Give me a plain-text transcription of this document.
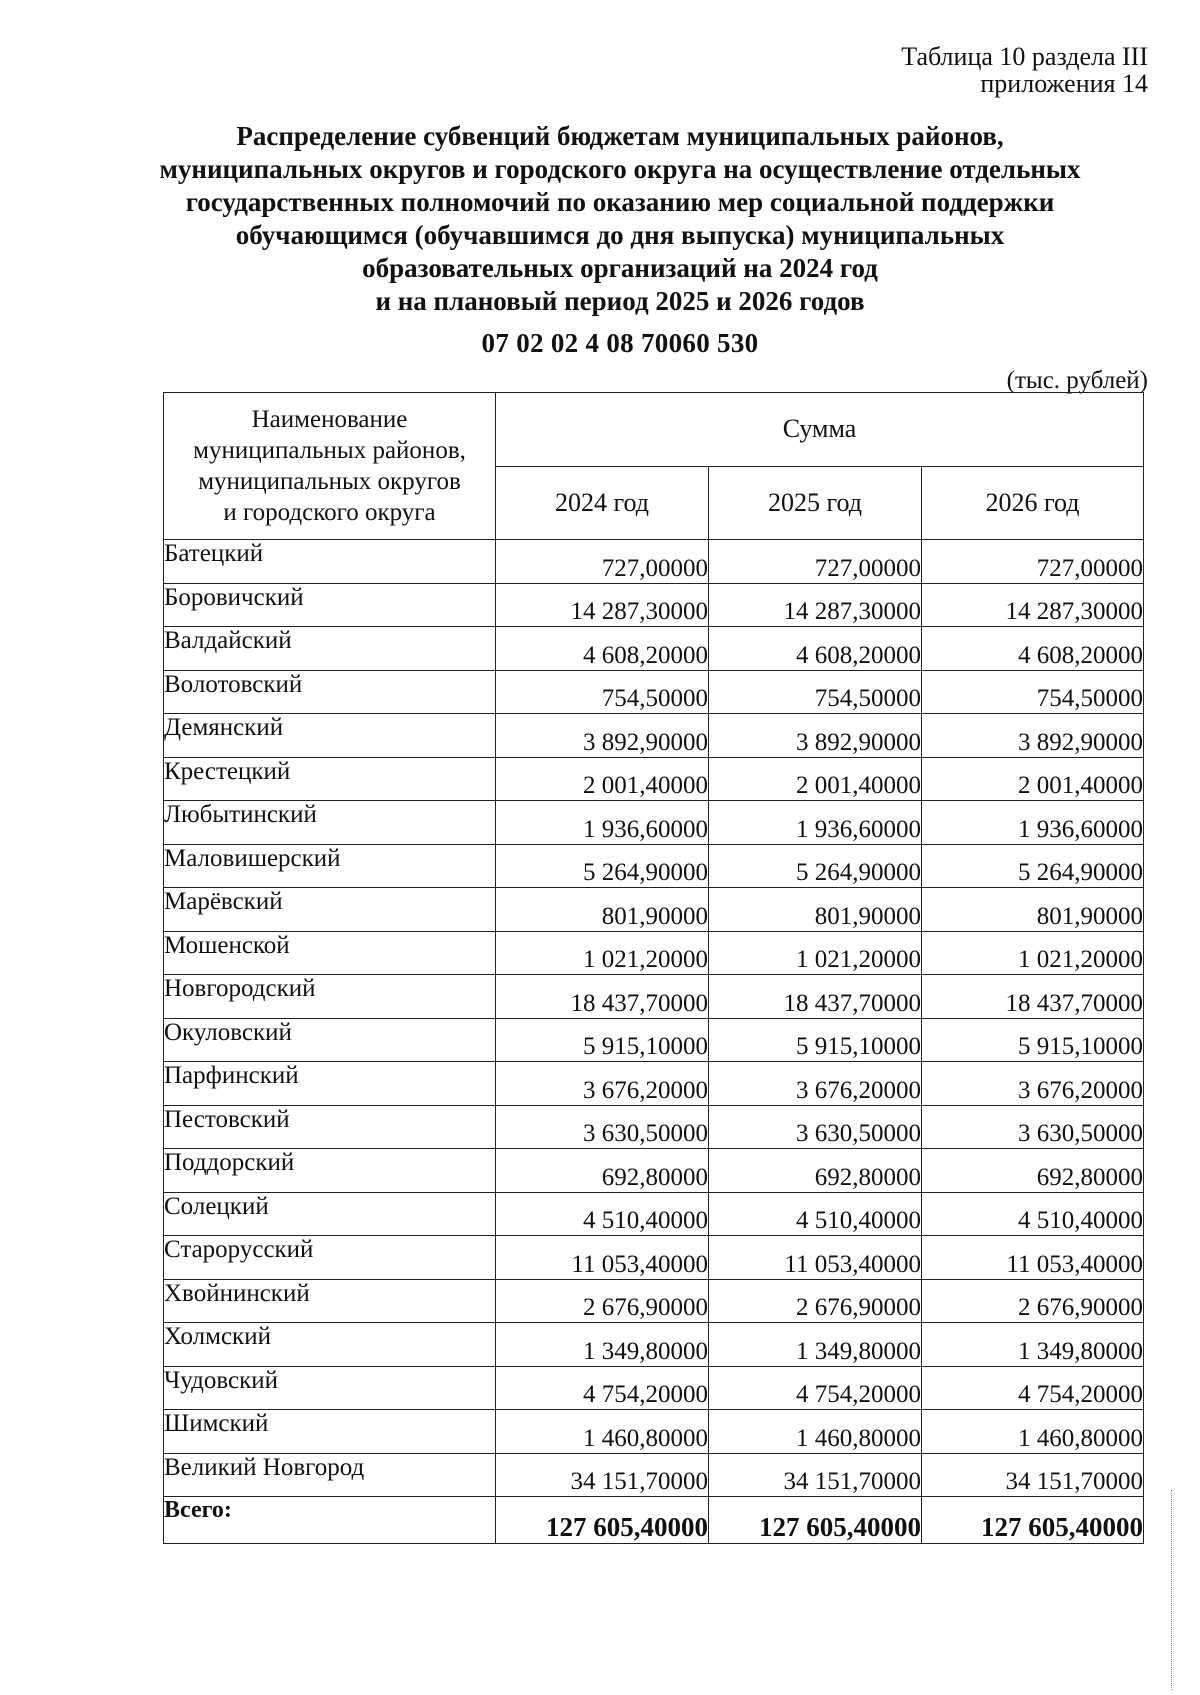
Таблица 10 раздела III
приложения 14
Распределение субвенций бюджетам муниципальных районов,
муниципальных округов и городского округа на осуществление отдельных
государственных полномочий по оказанию мер социальной поддержки
обучающимся (обучавшимся до дня выпуска) муниципальных
образовательных организаций на 2024 год
и на плановый период 2025 и 2026 годов
07 02 02 4 08 70060 530
(тыс. рублей)
Наименование
муниципальных районов,
муниципальных округов
и городского округа	Сумма		
	2024 год	2025 год	2026 год
Батецкий	727,00000	727,00000	727,00000
Боровичский	14 287,30000	14 287,30000	14 287,30000
Валдайский	4 608,20000	4 608,20000	4 608,20000
Волотовский	754,50000	754,50000	754,50000
Демянский	3 892,90000	3 892,90000	3 892,90000
Крестецкий	2 001,40000	2 001,40000	2 001,40000
Любытинский	1 936,60000	1 936,60000	1 936,60000
Маловишерский	5 264,90000	5 264,90000	5 264,90000
Марёвский	801,90000	801,90000	801,90000
Мошенской	1 021,20000	1 021,20000	1 021,20000
Новгородский	18 437,70000	18 437,70000	18 437,70000
Окуловский	5 915,10000	5 915,10000	5 915,10000
Парфинский	3 676,20000	3 676,20000	3 676,20000
Пестовский	3 630,50000	3 630,50000	3 630,50000
Поддорский	692,80000	692,80000	692,80000
Солецкий	4 510,40000	4 510,40000	4 510,40000
Старорусский	11 053,40000	11 053,40000	11 053,40000
Хвойнинский	2 676,90000	2 676,90000	2 676,90000
Холмский	1 349,80000	1 349,80000	1 349,80000
Чудовский	4 754,20000	4 754,20000	4 754,20000
Шимский	1 460,80000	1 460,80000	1 460,80000
Великий Новгород	34 151,70000	34 151,70000	34 151,70000
Всего:	127 605,40000	127 605,40000	127 605,40000
